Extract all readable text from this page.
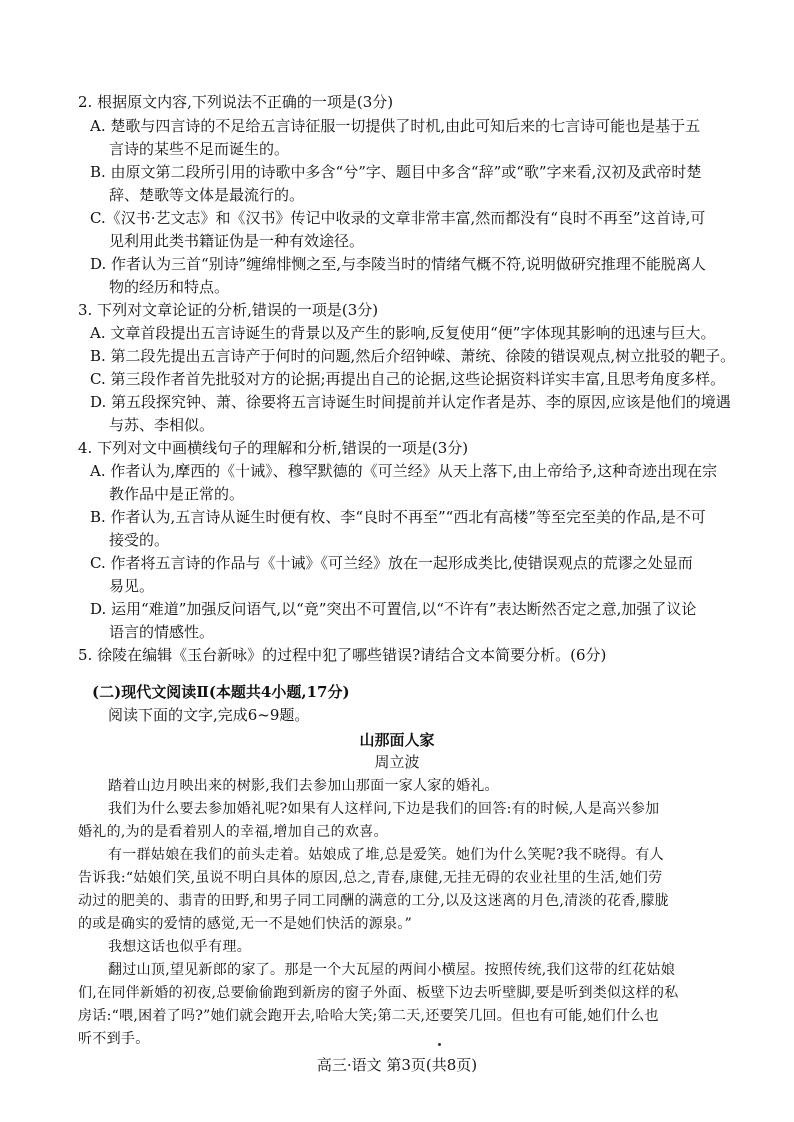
2. 根据原文内容,下列说法不正确的一项是(3分)
A. 楚歌与四言诗的不足给五言诗征服一切提供了时机,由此可知后来的七言诗可能也是基于五
言诗的某些不足而诞生的。
B. 由原文第二段所引用的诗歌中多含“兮”字、题目中多含“辞”或“歌”字来看,汉初及武帝时楚
辞、楚歌等文体是最流行的。
C.《汉书·艺文志》和《汉书》传记中收录的文章非常丰富,然而都没有“良时不再至”这首诗,可
见利用此类书籍证伪是一种有效途径。
D. 作者认为三首“别诗”缠绵悱恻之至,与李陵当时的情绪气概不符,说明做研究推理不能脱离人
物的经历和特点。
3. 下列对文章论证的分析,错误的一项是(3分)
A. 文章首段提出五言诗诞生的背景以及产生的影响,反复使用“便”字体现其影响的迅速与巨大。
B. 第二段先提出五言诗产于何时的问题,然后介绍钟嵘、萧统、徐陵的错误观点,树立批驳的靶子。
C. 第三段作者首先批驳对方的论据;再提出自己的论据,这些论据资料详实丰富,且思考角度多样。
D. 第五段探究钟、萧、徐要将五言诗诞生时间提前并认定作者是苏、李的原因,应该是他们的境遇
与苏、李相似。
4. 下列对文中画横线句子的理解和分析,错误的一项是(3分)
A. 作者认为,摩西的《十诫》、穆罕默德的《可兰经》从天上落下,由上帝给予,这种奇迹出现在宗
教作品中是正常的。
B. 作者认为,五言诗从诞生时便有枚、李“良时不再至”“西北有高楼”等至完至美的作品,是不可
接受的。
C. 作者将五言诗的作品与《十诫》《可兰经》放在一起形成类比,使错误观点的荒谬之处显而
易见。
D. 运用“难道”加强反问语气,以“竟”突出不可置信,以“不许有”表达断然否定之意,加强了议论
语言的情感性。
5. 徐陵在编辑《玉台新咏》的过程中犯了哪些错误?请结合文本简要分析。(6分)
(二)现代文阅读Ⅱ(本题共4小题,17分)
阅读下面的文字,完成6~9题。
山那面人家
周立波
踏着山边月映出来的树影,我们去参加山那面一家人家的婚礼。
我们为什么要去参加婚礼呢?如果有人这样问,下边是我们的回答:有的时候,人是高兴参加
婚礼的,为的是看着别人的幸福,增加自己的欢喜。
有一群姑娘在我们的前头走着。姑娘成了堆,总是爱笑。她们为什么笑呢?我不晓得。有人
告诉我:“姑娘们笑,虽说不明白具体的原因,总之,青春,康健,无挂无碍的农业社里的生活,她们劳
动过的肥美的、翡青的田野,和男子同工同酬的满意的工分,以及这迷离的月色,清淡的花香,朦胧
的或是确实的爱情的感觉,无一不是她们快活的源泉。”
我想这话也似乎有理。
翻过山顶,望见新郎的家了。那是一个大瓦屋的两间小横屋。按照传统,我们这带的红花姑娘
们,在同伴新婚的初夜,总要偷偷跑到新房的窗子外面、板壁下边去听壁脚,要是听到类似这样的私
房话:“喂,困着了吗?”她们就会跑开去,哈哈大笑;第二天,还要笑几回。但也有可能,她们什么也
听不到手。
高三·语文 第3页(共8页)
